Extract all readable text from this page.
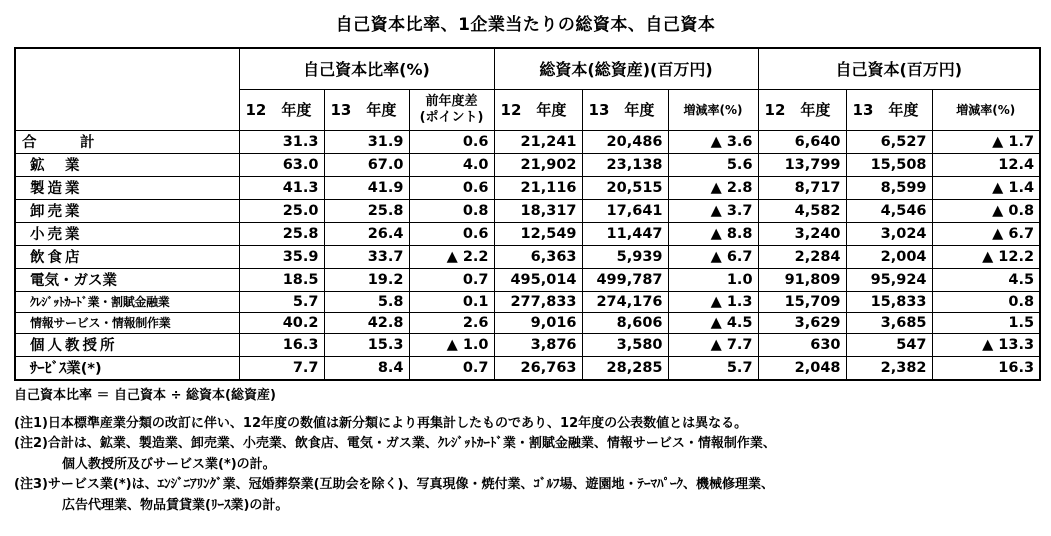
自己資本比率、1企業当たりの総資本、自己資本
	自己資本比率(%)			総資本(総資産)(百万円)			自己資本(百万円)		
	12　年度	13　年度	前年度差
(ポイント)	12　年度	13　年度	増減率(%)	12　年度	13　年度	増減率(%)
合　　　計	31.3	31.9	0.6	21,241	20,486	▲ 3.6	6,640	6,527	▲ 1.7
鉱　業	63.0	67.0	4.0	21,902	23,138	5.6	13,799	15,508	12.4
製造業	41.3	41.9	0.6	21,116	20,515	▲ 2.8	8,717	8,599	▲ 1.4
卸売業	25.0	25.8	0.8	18,317	17,641	▲ 3.7	4,582	4,546	▲ 0.8
小売業	25.8	26.4	0.6	12,549	11,447	▲ 8.8	3,240	3,024	▲ 6.7
飲食店	35.9	33.7	▲ 2.2	6,363	5,939	▲ 6.7	2,284	2,004	▲ 12.2
電気・ガス業	18.5	19.2	0.7	495,014	499,787	1.0	91,809	95,924	4.5
ｸﾚｼﾞｯﾄｶｰﾄﾞ業・割賦金融業	5.7	5.8	0.1	277,833	274,176	▲ 1.3	15,709	15,833	0.8
情報サービス・情報制作業	40.2	42.8	2.6	9,016	8,606	▲ 4.5	3,629	3,685	1.5
個人教授所	16.3	15.3	▲ 1.0	3,876	3,580	▲ 7.7	630	547	▲ 13.3
ｻｰﾋﾞｽ業(*)	7.7	8.4	0.7	26,763	28,285	5.7	2,048	2,382	16.3
自己資本比率 ＝ 自己資本 ÷ 総資本(総資産)
(注1)日本標準産業分類の改訂に伴い、12年度の数値は新分類により再集計したものであり、12年度の公表数値とは異なる。
(注2)合計は、鉱業、製造業、卸売業、小売業、飲食店、電気・ガス業、ｸﾚｼﾞｯﾄｶｰﾄﾞ業・割賦金融業、情報サービス・情報制作業、
個人教授所及びサービス業(*)の計。
(注3)サービス業(*)は、ｴﾝｼﾞﾆｱﾘﾝｸﾞ業、冠婚葬祭業(互助会を除く)、写真現像・焼付業、ｺﾞﾙﾌ場、遊園地・ﾃｰﾏﾊﾟｰｸ、機械修理業、
広告代理業、物品賃貸業(ﾘｰｽ業)の計。
